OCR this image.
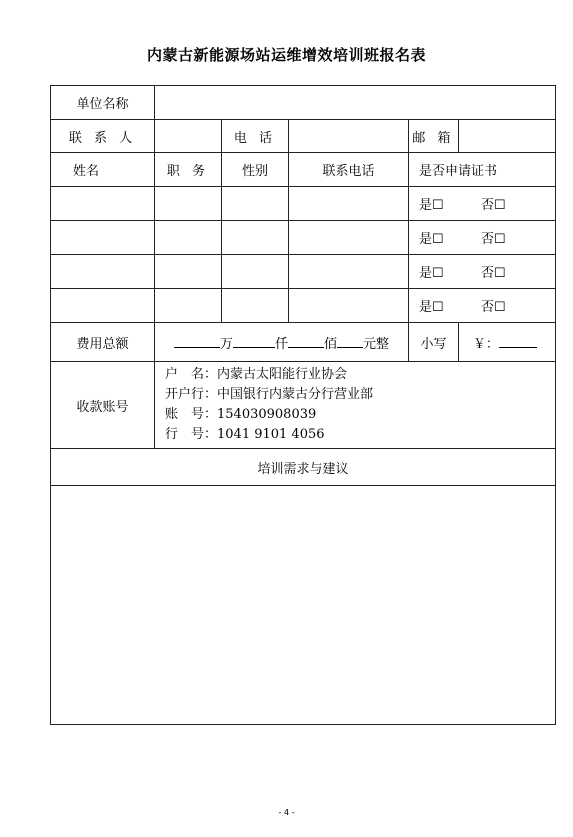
内蒙古新能源场站运维增效培训班报名表
单位名称					
联 系 人		电 话		邮 箱	
姓名	职 务	性别	联系电话	是否申请证书	
				是☐ 否☐	
				是☐ 否☐	
				是☐ 否☐	
				是☐ 否☐	
费用总额	万 仟 佰 元整			小写	￥：
收款账号	户　名：内蒙古太阳能行业协会
开户行：中国银行内蒙古分行营业部
账　号：154030908039
行　号：1041 9101 4056				

培训需求与建议					

- 4 -
